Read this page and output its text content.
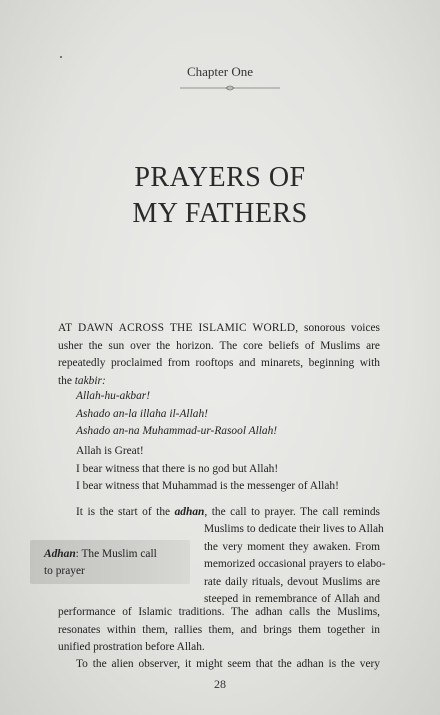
Chapter One
PRAYERS OF
MY FATHERS
AT DAWN ACROSS THE ISLAMIC WORLD, sonorous voices
usher the sun over the horizon. The core beliefs of Muslims are
repeatedly proclaimed from rooftops and minarets, beginning with
the takbir:
Allah-hu-akbar!
Ashado an-la illaha il-Allah!
Ashado an-na Muhammad-ur-Rasool Allah!
Allah is Great!
I bear witness that there is no god but Allah!
I bear witness that Muhammad is the messenger of Allah!
It is the start of the adhan, the call to prayer. The call reminds
Adhan: The Muslim call
to prayer
Muslims to dedicate their lives to Allah
the very moment they awaken. From
memorized occasional prayers to elabo-
rate daily rituals, devout Muslims are
steeped in remembrance of Allah and
performance of Islamic traditions. The adhan calls the Muslims,
resonates within them, rallies them, and brings them together in
unified prostration before Allah.
To the alien observer, it might seem that the adhan is the very
28
